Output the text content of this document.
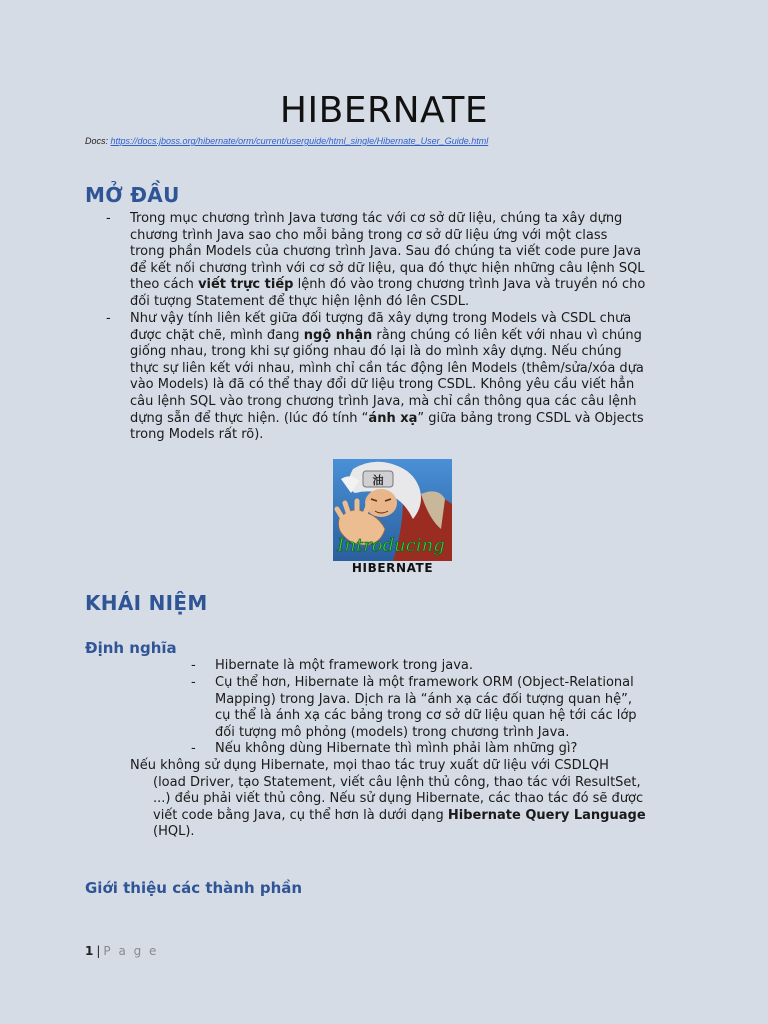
HIBERNATE
Docs: https://docs.jboss.org/hibernate/orm/current/userguide/html_single/Hibernate_User_Guide.html
MỞ ĐẦU
- Trong mục chương trình Java tương tác với cơ sở dữ liệu, chúng ta xây dựng
chương trình Java sao cho mỗi bảng trong cơ sở dữ liệu ứng với một class
trong phần Models của chương trình Java. Sau đó chúng ta viết code pure Java
để kết nối chương trình với cơ sở dữ liệu, qua đó thực hiện những câu lệnh SQL
theo cách viết trực tiếp lệnh đó vào trong chương trình Java và truyền nó cho
đối tượng Statement để thực hiện lệnh đó lên CSDL.
- Như vậy tính liên kết giữa đối tượng đã xây dựng trong Models và CSDL chưa
được chặt chẽ, mình đang ngộ nhận rằng chúng có liên kết với nhau vì chúng
giống nhau, trong khi sự giống nhau đó lại là do mình xây dựng. Nếu chúng
thực sự liên kết với nhau, mình chỉ cần tác động lên Models (thêm/sửa/xóa dựa
vào Models) là đã có thể thay đổi dữ liệu trong CSDL. Không yêu cầu viết hẳn
câu lệnh SQL vào trong chương trình Java, mà chỉ cần thông qua các câu lệnh
dựng sẵn để thực hiện. (lúc đó tính “ánh xạ” giữa bảng trong CSDL và Objects
trong Models rất rõ).
油
Introducing
HIBERNATE
KHÁI NIỆM
Định nghĩa
- Hibernate là một framework trong java.
- Cụ thể hơn, Hibernate là một framework ORM (Object-Relational
Mapping) trong Java. Dịch ra là “ánh xạ các đối tượng quan hệ”,
cụ thể là ánh xạ các bảng trong cơ sở dữ liệu quan hệ tới các lớp
đối tượng mô phỏng (models) trong chương trình Java.
- Nếu không dùng Hibernate thì mình phải làm những gì?
Nếu không sử dụng Hibernate, mọi thao tác truy xuất dữ liệu với CSDLQH
(load Driver, tạo Statement, viết câu lệnh thủ công, thao tác với ResultSet,
...) đều phải viết thủ công. Nếu sử dụng Hibernate, các thao tác đó sẽ được
viết code bằng Java, cụ thể hơn là dưới dạng Hibernate Query Language
(HQL).
Giới thiệu các thành phần
1 | P a g e
